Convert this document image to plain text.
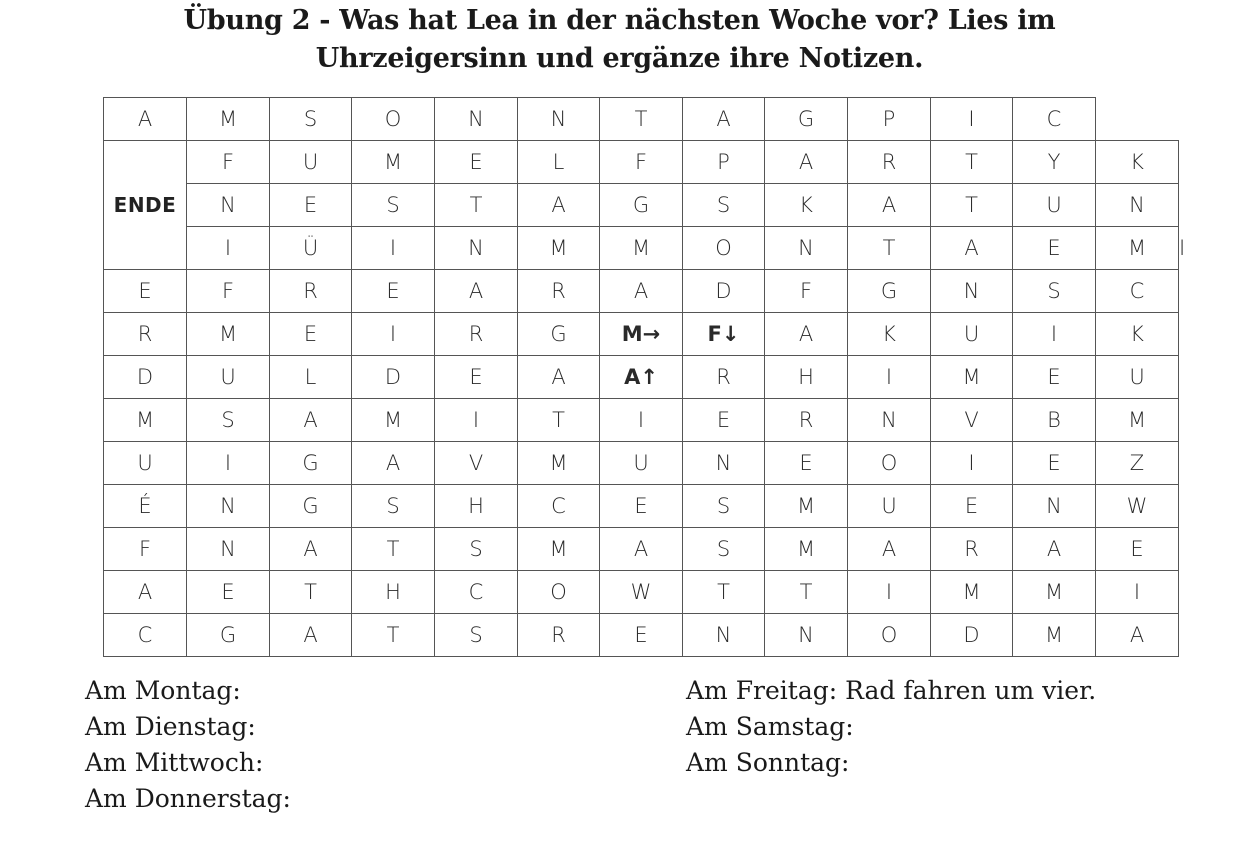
Übung 2 - Was hat Lea in der nächsten Woche vor? Lies im
Uhrzeigersinn und ergänze ihre Notizen.
A	M	S	O	N	N	T	A	G	P	I	C		
ENDE	F	U	M	E	L	F	P	A	R	T	Y	K	
	N	E	S	T	A	G	S	K	A	T	U	N	
	I	Ü	I	N	M	M	O	N	T	A	E	M	I
E	F	R	E	A	R	A	D	F	G	N	S	C	
R	M	E	I	R	G	M→	F↓	A	K	U	I	K	
D	U	L	D	E	A	A↑	R	H	I	M	E	U	
M	S	A	M	I	T	I	E	R	N	V	B	M	
U	I	G	A	V	M	U	N	E	O	I	E	Z	
É	N	G	S	H	C	E	S	M	U	E	N	W	
F	N	A	T	S	M	A	S	M	A	R	A	E	
A	E	T	H	C	O	W	T	T	I	M	M	I	
C	G	A	T	S	R	E	N	N	O	D	M	A	
Am Montag:
Am Dienstag:
Am Mittwoch:
Am Donnerstag:
Am Freitag: Rad fahren um vier.
Am Samstag:
Am Sonntag:
